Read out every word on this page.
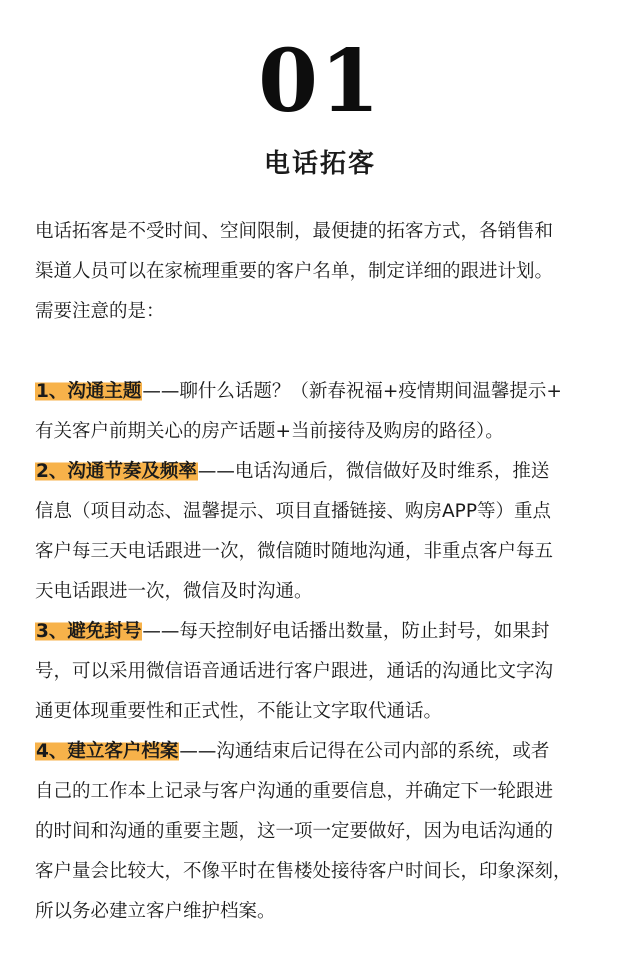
01
电话拓客
电话拓客是不受时间、空间限制，最便捷的拓客方式，各销售和
渠道人员可以在家梳理重要的客户名单，制定详细的跟进计划。
需要注意的是：
1、沟通主题——聊什么话题？（新春祝福+疫情期间温馨提示+
有关客户前期关心的房产话题+当前接待及购房的路径）。
2、沟通节奏及频率——电话沟通后，微信做好及时维系，推送
信息（项目动态、温馨提示、项目直播链接、购房APP等）重点
客户每三天电话跟进一次，微信随时随地沟通，非重点客户每五
天电话跟进一次，微信及时沟通。
3、避免封号——每天控制好电话播出数量，防止封号，如果封
号，可以采用微信语音通话进行客户跟进，通话的沟通比文字沟
通更体现重要性和正式性，不能让文字取代通话。
4、建立客户档案——沟通结束后记得在公司内部的系统，或者
自己的工作本上记录与客户沟通的重要信息，并确定下一轮跟进
的时间和沟通的重要主题，这一项一定要做好，因为电话沟通的
客户量会比较大，不像平时在售楼处接待客户时间长，印象深刻，
所以务必建立客户维护档案。
